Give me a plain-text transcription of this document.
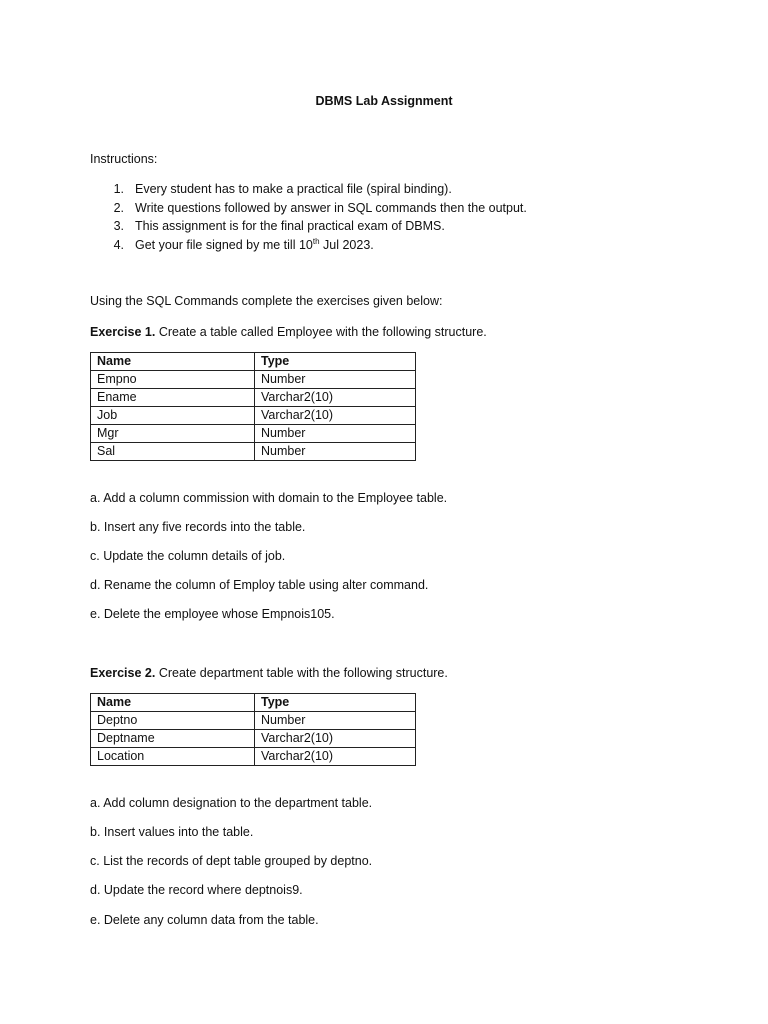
DBMS Lab Assignment
Instructions:
1. Every student has to make a practical file (spiral binding).
2. Write questions followed by answer in SQL commands then the output.
3. This assignment is for the final practical exam of DBMS.
4. Get your file signed by me till 10th Jul 2023.
Using the SQL Commands complete the exercises given below:
Exercise 1. Create a table called Employee with the following structure.
Name	Type
Empno	Number
Ename	Varchar2(10)
Job	Varchar2(10)
Mgr	Number
Sal	Number
a. Add a column commission with domain to the Employee table.
b. Insert any five records into the table.
c. Update the column details of job.
d. Rename the column of Employ table using alter command.
e. Delete the employee whose Empnois105.
Exercise 2. Create department table with the following structure.
Name	Type
Deptno	Number
Deptname	Varchar2(10)
Location	Varchar2(10)
a. Add column designation to the department table.
b. Insert values into the table.
c. List the records of dept table grouped by deptno.
d. Update the record where deptnois9.
e. Delete any column data from the table.
